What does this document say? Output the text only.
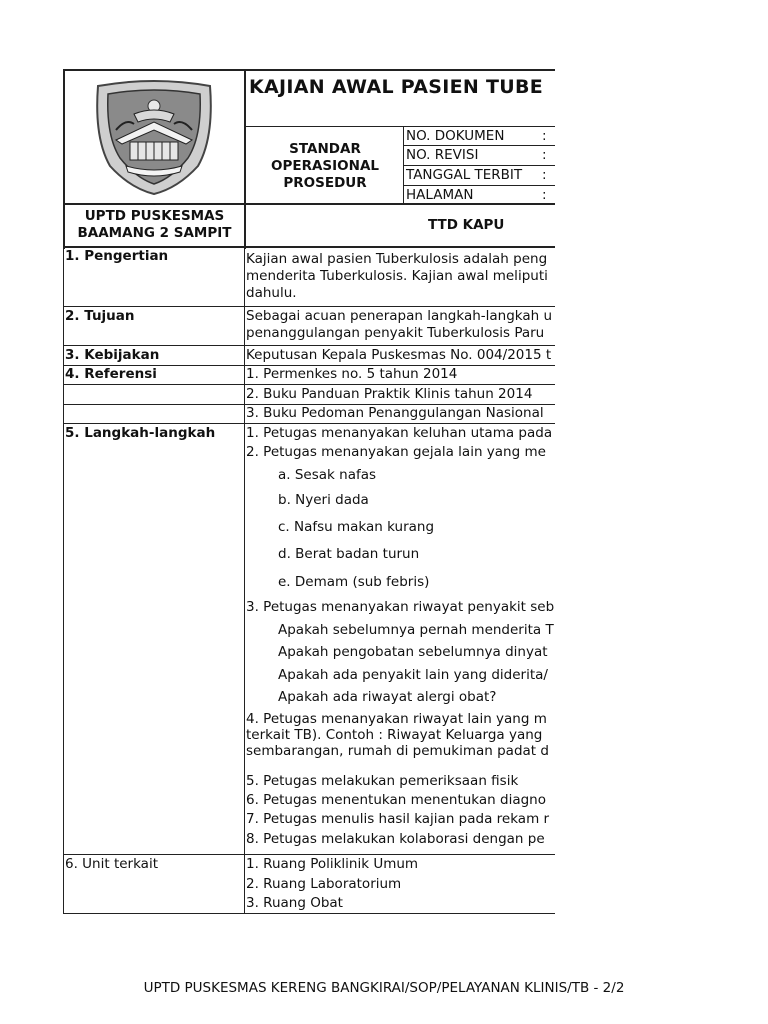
KAJIAN AWAL PASIEN TUBE
STANDAR OPERASIONAL PROSEDUR
NO. DOKUMEN	:
NO. REVISI	:
TANGGAL TERBIT :
HALAMAN	:
UPTD PUSKESMAS BAAMANG 2 SAMPIT	TTD KAPU
1. Pengertian	Kajian awal pasien Tuberkulosis adalah peng
menderita Tuberkulosis. Kajian awal meliputi
dahulu.
2. Tujuan	Sebagai acuan penerapan langkah-langkah u
penanggulangan penyakit Tuberkulosis Paru
3. Kebijakan	Keputusan Kepala Puskesmas No. 004/2015 t
4. Referensi	1. Permenkes no. 5 tahun 2014
2. Buku Panduan Praktik Klinis tahun 2014
3. Buku Pedoman Penanggulangan Nasional
5. Langkah-langkah 1. Petugas menanyakan keluhan utama pada
2. Petugas menanyakan gejala lain yang me
a. Sesak nafas
b. Nyeri dada
c. Nafsu makan kurang
d. Berat badan turun
e. Demam (sub febris)
3. Petugas menanyakan riwayat penyakit seb
Apakah sebelumnya pernah menderita T
Apakah pengobatan sebelumnya dinyat
Apakah ada penyakit lain yang diderita/
Apakah ada riwayat alergi obat?
4. Petugas menanyakan riwayat lain yang m
terkait TB). Contoh : Riwayat Keluarga yang
sembarangan, rumah di pemukiman padat d
5. Petugas melakukan pemeriksaan fisik
6. Petugas menentukan menentukan diagno
7. Petugas menulis hasil kajian pada rekam r
8. Petugas melakukan kolaborasi dengan pe
6. Unit terkait	1. Ruang Poliklinik Umum
2. Ruang Laboratorium
3. Ruang Obat
UPTD PUSKESMAS KERENG BANGKIRAI/SOP/PELAYANAN KLINIS/TB - 2/2
